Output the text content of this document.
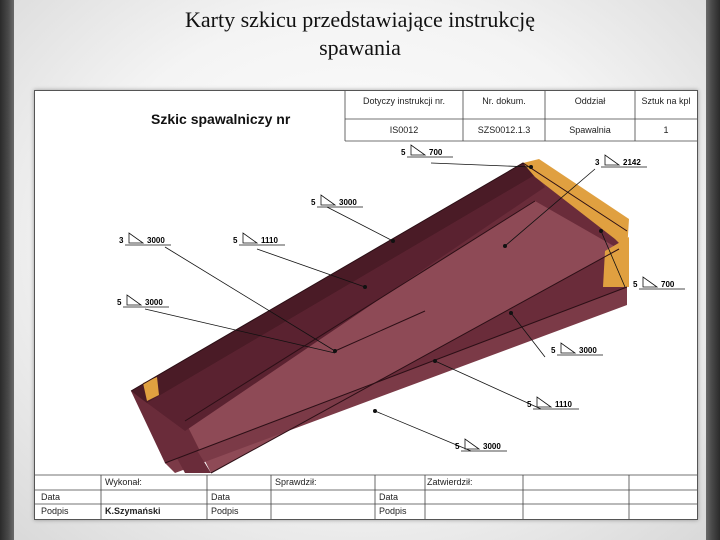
Karty szkicu przedstawiające instrukcję
spawania
5	700
3	2142
5	3000
3	3000	5	1110
5	700
5	3000
5	3000
5	1110
5	3000
Szkic spawalniczy nr
Dotyczy instrukcji nr.	Nr. dokum.	Oddział	Sztuk na kpl
IS0012	SZS0012.1.3	Spawalnia	1
Wykonał:	Sprawdził:	Zatwierdził:
Data	Data	Data
Podpis	K.Szymański	Podpis	Podpis
